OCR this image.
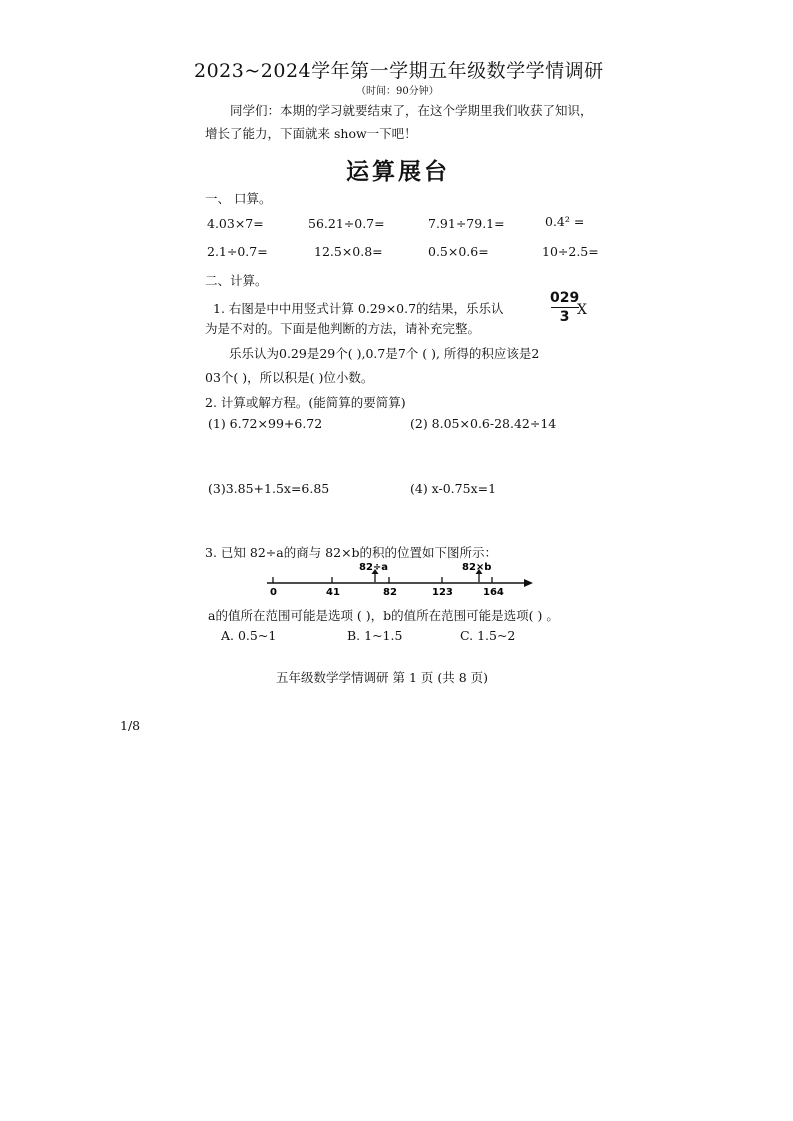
2023~2024学年第一学期五年级数学学情调研
（时间：90分钟）
同学们：本期的学习就要结束了，在这个学期里我们收获了知识，
增长了能力，下面就来 show一下吧！
运算展台
一、 口算。
4.03×7=	56.21÷0.7=	7.91÷79.1=	0.4² =
2.1÷0.7=	12.5×0.8=	0.5×0.6=	10÷2.5=
二、计算。
1. 右图是中中用竖式计算 0.29×0.7的结果，乐乐认
029
3 X
为是不对的。下面是他判断的方法，请补充完整。
乐乐认为0.29是29个( ),0.7是7个 ( ), 所得的积应该是2
03个( )，所以积是( )位小数。
2. 计算或解方程。(能简算的要简算)
(1) 6.72×99+6.72	(2) 8.05×0.6-28.42÷14
(3)3.85+1.5x=6.85	(4) x-0.75x=1
3. 已知 82÷a的商与 82×b的积的位置如下图所示：
0	41	82	123	164
82÷a	82×b
a的值所在范围可能是选项 ( )，b的值所在范围可能是选项( ) 。
A. 0.5~1	B. 1~1.5	C. 1.5~2
五年级数学学情调研 第 1 页 (共 8 页)
1/8
